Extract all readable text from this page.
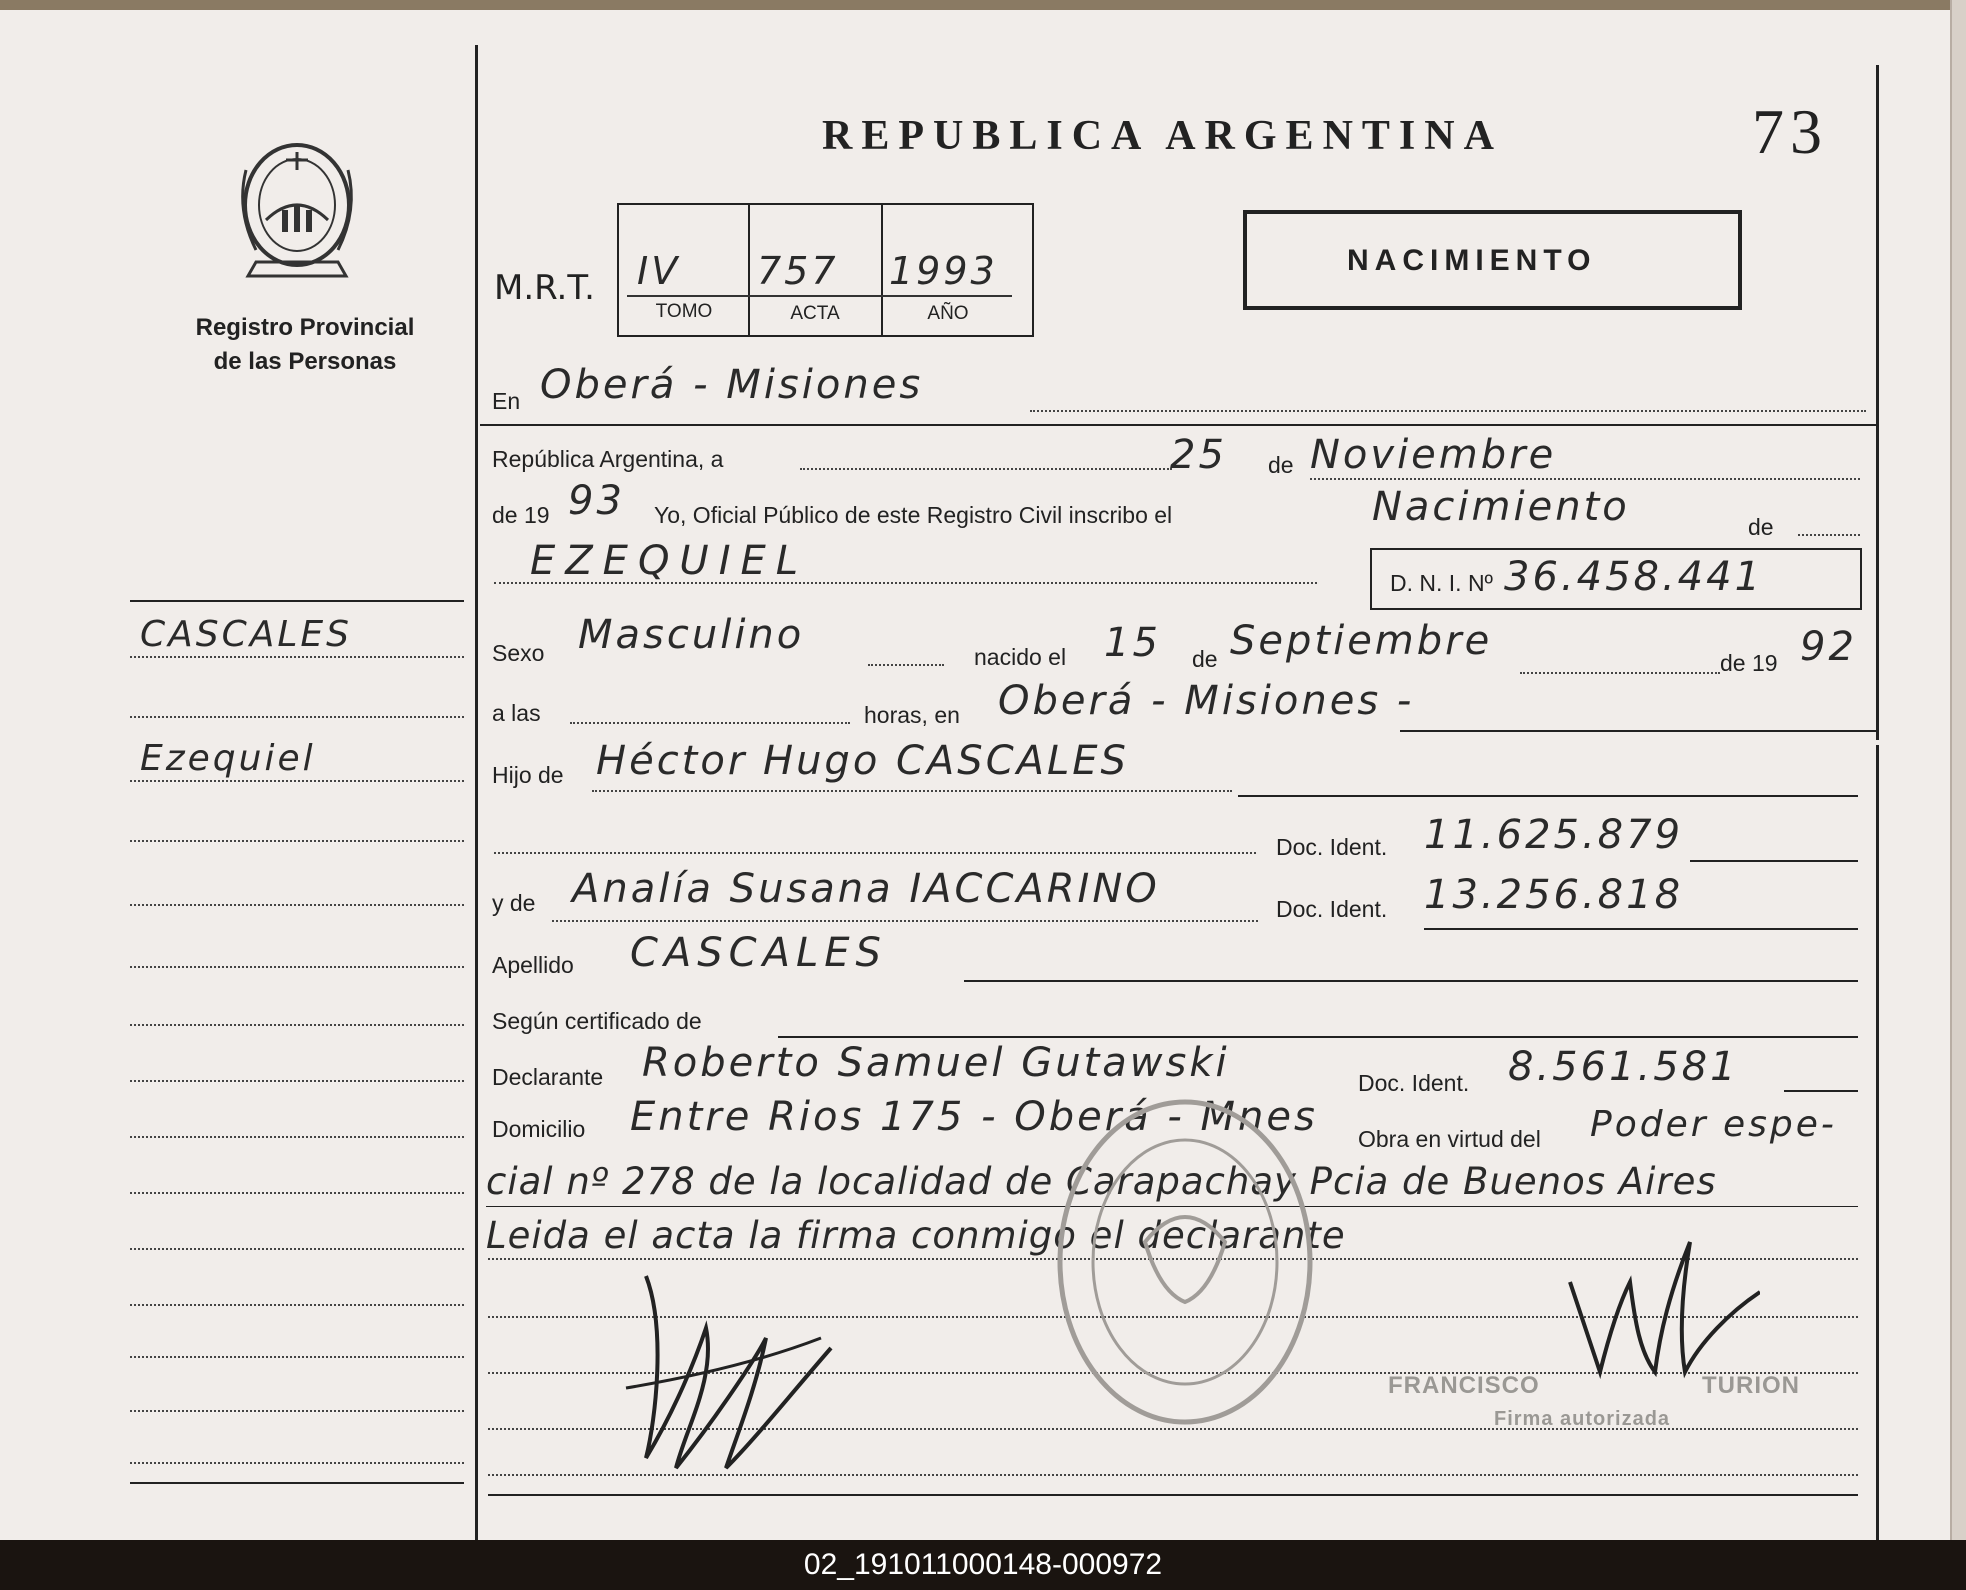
Registro Provincial
de las Personas
REPUBLICA ARGENTINA	73
M.R.T. IV 757 1993
TOMO	ACTA	AÑO
NACIMIENTO
En Oberá - Misiones
República Argentina, a	25 de Noviembre
de 19 93 Yo, Oficial Público de este Registro Civil inscribo el	Nacimiento	de
EZEQUIEL	D. N. I. Nº 36.458.441
Sexo Masculino	nacido el 15 de Septiembre	de 19 92
a las	horas, en Oberá - Misiones -
Hijo de Héctor Hugo CASCALES
Doc. Ident. 11.625.879
y de Analía Susana IACCARINO	Doc. Ident. 13.256.818
Apellido CASCALES
Según certificado de
Declarante Roberto Samuel Gutawski	Doc. Ident. 8.561.581
Domicilio Entre Rios 175 - Oberá - Mnes Obra en virtud del Poder espe-
cial nº 278 de la localidad de Carapachay Pcia de Buenos Aires
Leida el acta la firma conmigo el declarante
FRANCISCO	TURION
Firma autorizada
CASCALES
Ezequiel
02_191011000148-000972
